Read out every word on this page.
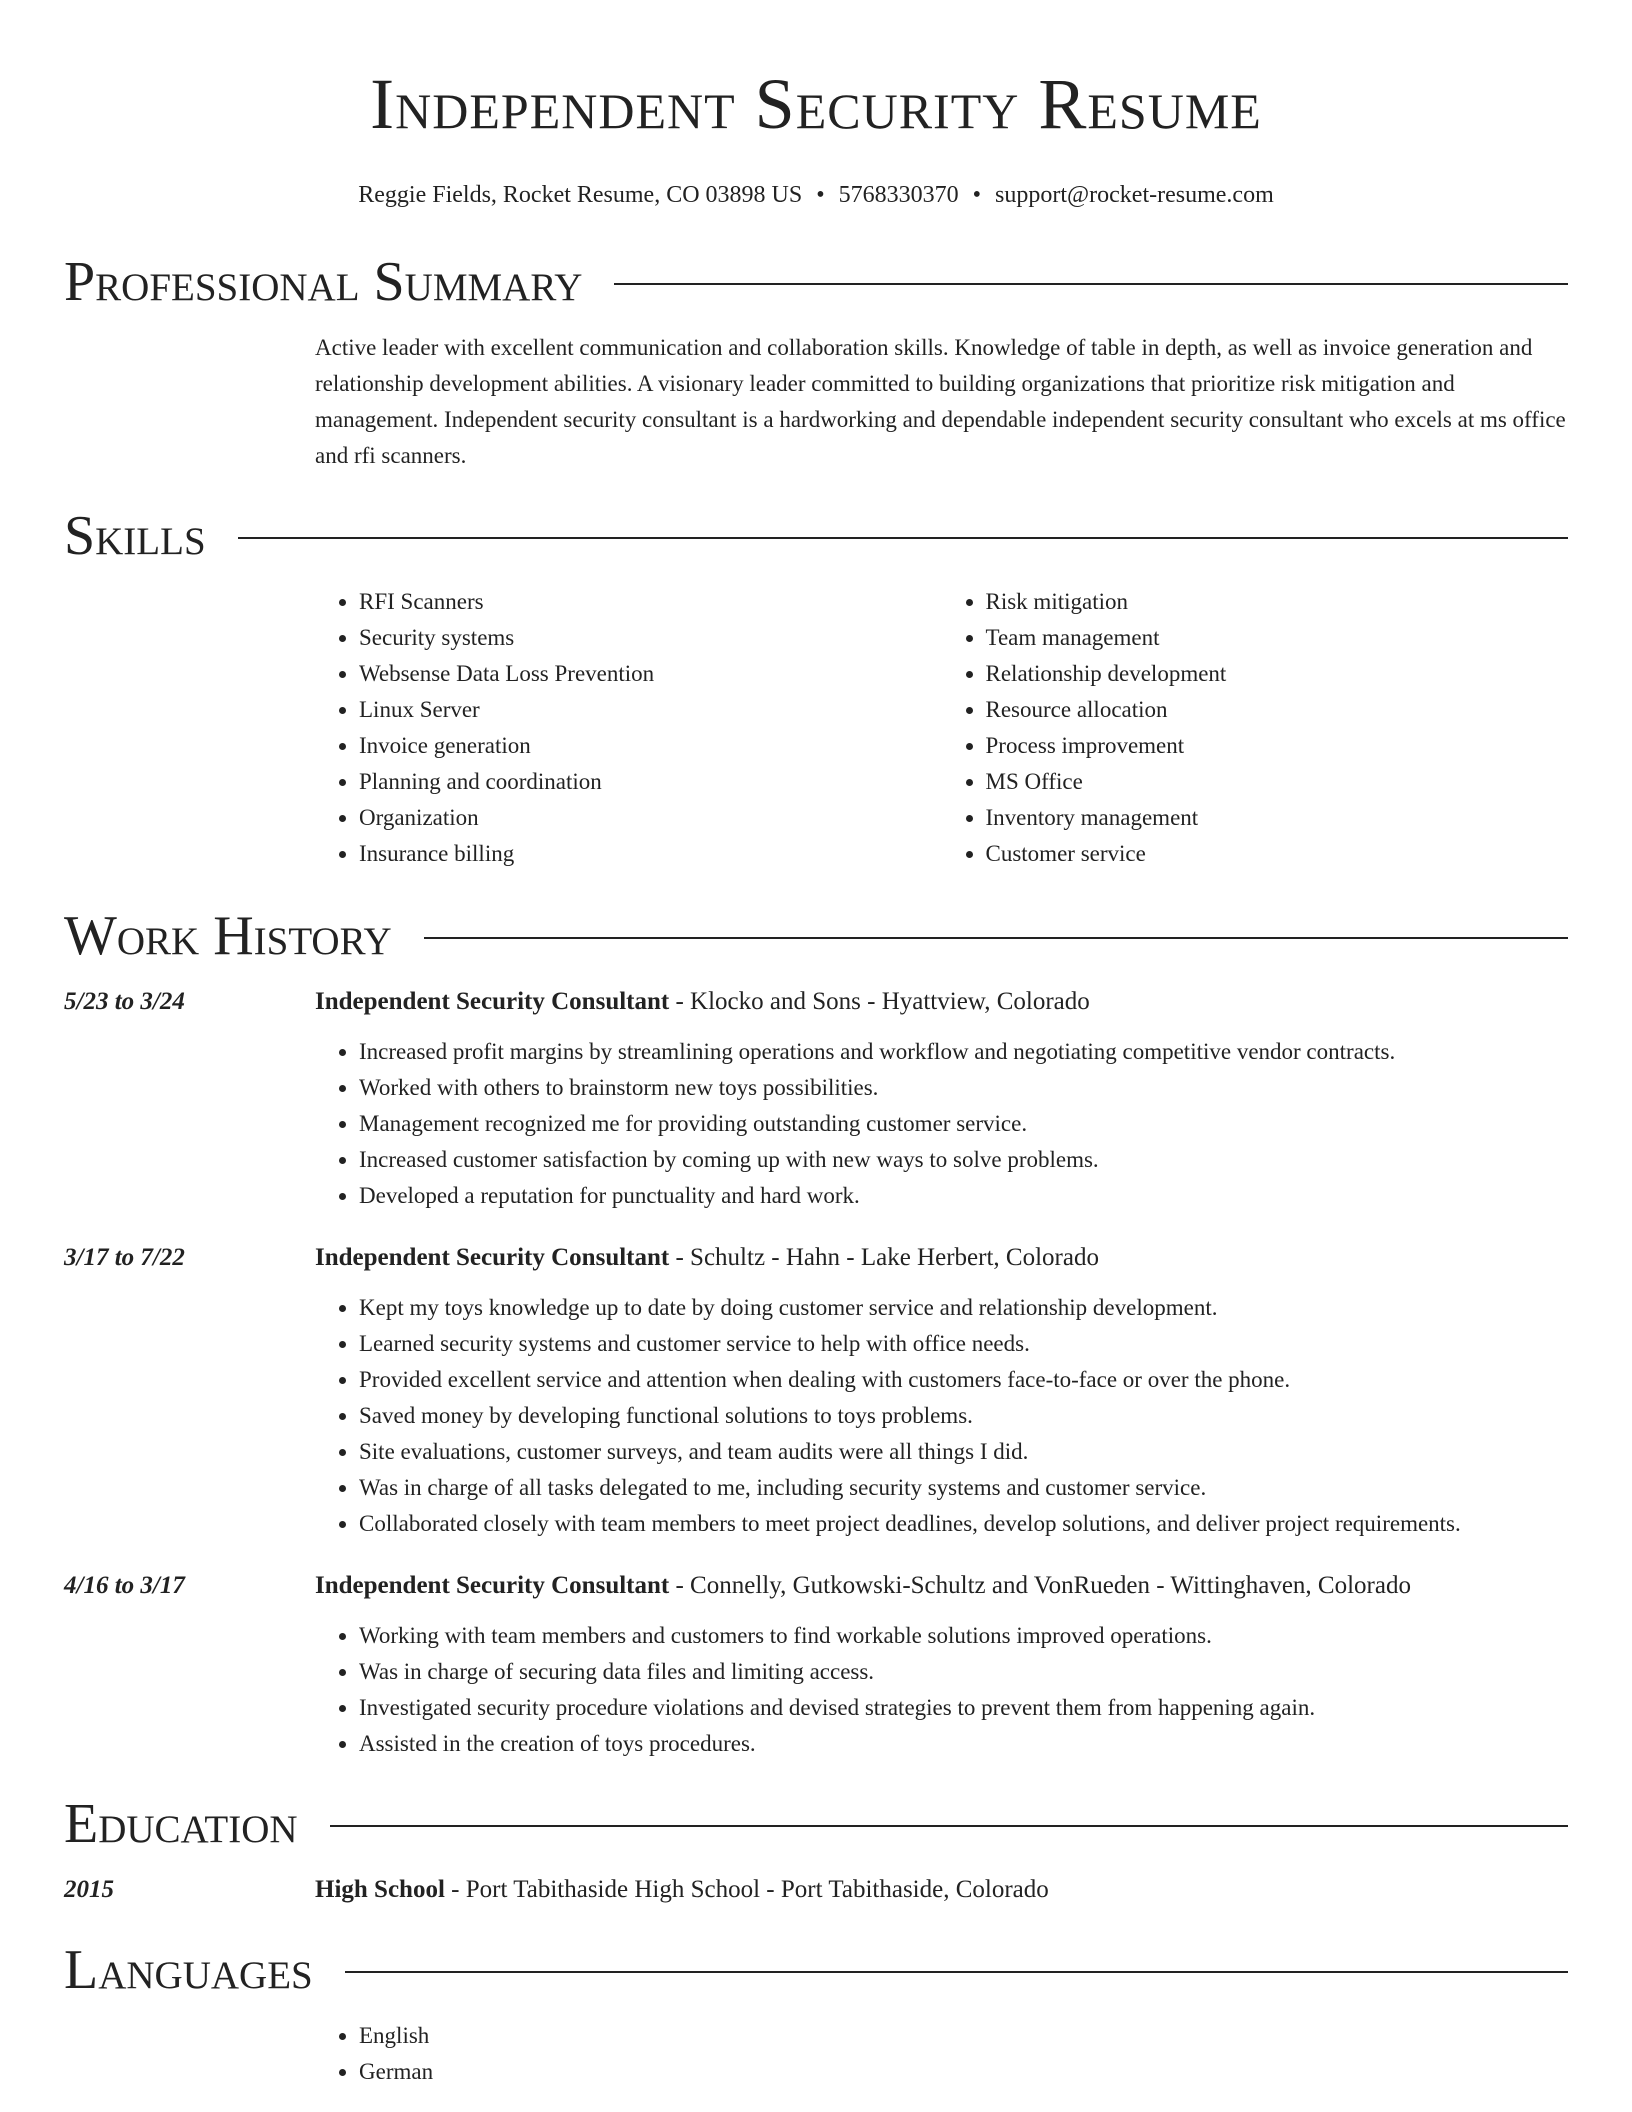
Independent Security Resume
Reggie Fields, Rocket Resume, CO 03898 US • 5768330370 • support@rocket-resume.com
Professional Summary
Active leader with excellent communication and collaboration skills. Knowledge of table in depth, as well as invoice generation and relationship development abilities. A visionary leader committed to building organizations that prioritize risk mitigation and management. Independent security consultant is a hardworking and dependable independent security consultant who excels at ms office and rfi scanners.
Skills
• RFI Scanners
• Security systems
• Websense Data Loss Prevention
• Linux Server
• Invoice generation
• Planning and coordination
• Organization
• Insurance billing
• Risk mitigation
• Team management
• Relationship development
• Resource allocation
• Process improvement
• MS Office
• Inventory management
• Customer service
Work History
5/23 to 3/24	Independent Security Consultant - Klocko and Sons - Hyattview, Colorado
• Increased profit margins by streamlining operations and workflow and negotiating competitive vendor contracts.
• Worked with others to brainstorm new toys possibilities.
• Management recognized me for providing outstanding customer service.
• Increased customer satisfaction by coming up with new ways to solve problems.
• Developed a reputation for punctuality and hard work.
3/17 to 7/22	Independent Security Consultant - Schultz - Hahn - Lake Herbert, Colorado
• Kept my toys knowledge up to date by doing customer service and relationship development.
• Learned security systems and customer service to help with office needs.
• Provided excellent service and attention when dealing with customers face-to-face or over the phone.
• Saved money by developing functional solutions to toys problems.
• Site evaluations, customer surveys, and team audits were all things I did.
• Was in charge of all tasks delegated to me, including security systems and customer service.
• Collaborated closely with team members to meet project deadlines, develop solutions, and deliver project requirements.
4/16 to 3/17	Independent Security Consultant - Connelly, Gutkowski-Schultz and VonRueden - Wittinghaven, Colorado
• Working with team members and customers to find workable solutions improved operations.
• Was in charge of securing data files and limiting access.
• Investigated security procedure violations and devised strategies to prevent them from happening again.
• Assisted in the creation of toys procedures.
Education
2015	High School - Port Tabithaside High School - Port Tabithaside, Colorado
Languages
• English
• German
